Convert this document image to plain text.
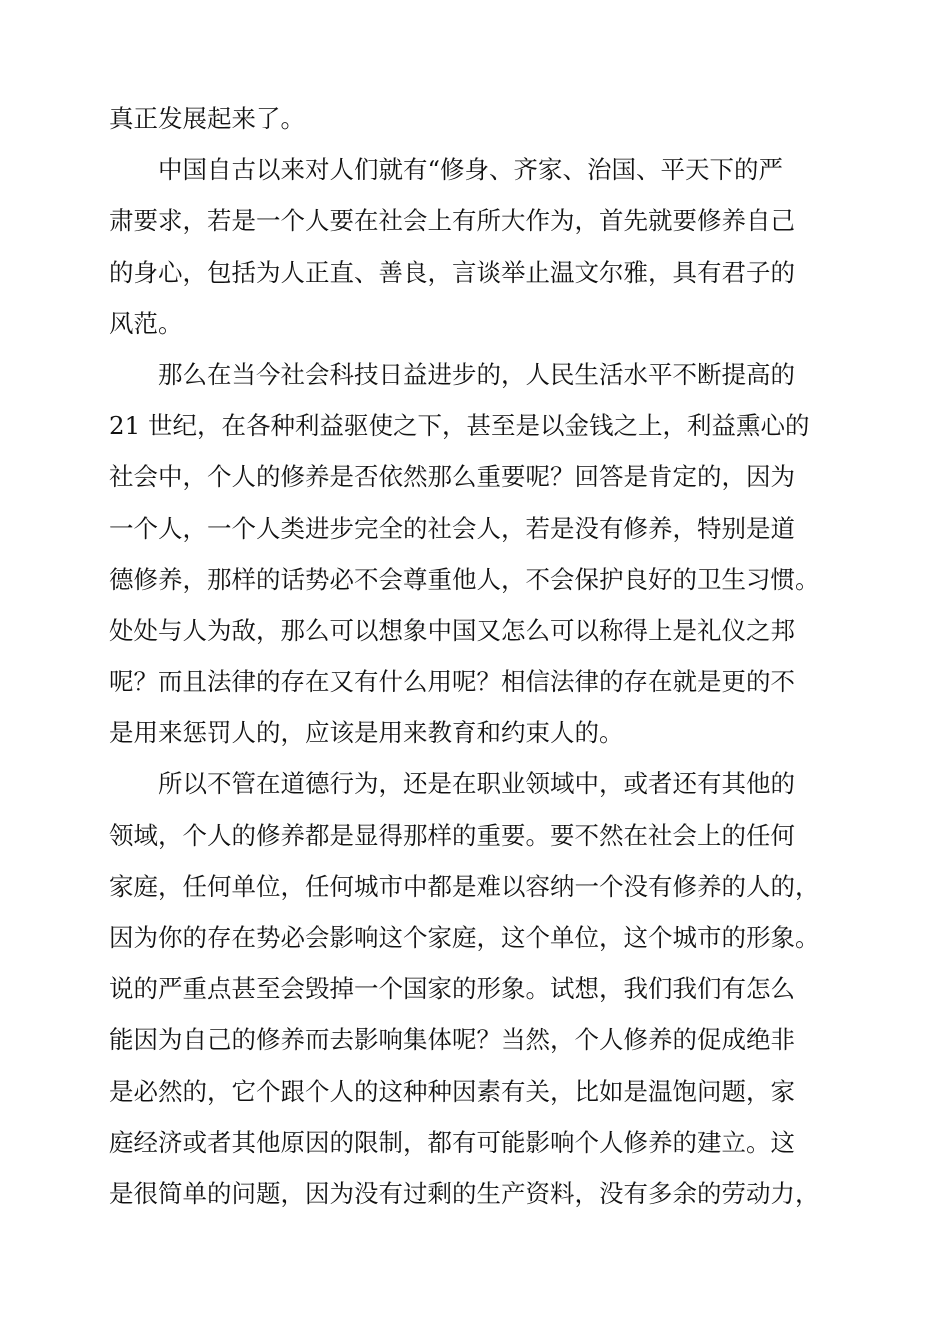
真正发展起来了。
　　中国自古以来对人们就有“修身、齐家、治国、平天下的严
肃要求，若是一个人要在社会上有所大作为，首先就要修养自己
的身心，包括为人正直、善良，言谈举止温文尔雅，具有君子的
风范。
　　那么在当今社会科技日益进步的，人民生活水平不断提高的
21 世纪，在各种利益驱使之下，甚至是以金钱之上，利益熏心的
社会中，个人的修养是否依然那么重要呢？回答是肯定的，因为
一个人，一个人类进步完全的社会人，若是没有修养，特别是道
德修养，那样的话势必不会尊重他人，不会保护良好的卫生习惯。
处处与人为敌，那么可以想象中国又怎么可以称得上是礼仪之邦
呢？而且法律的存在又有什么用呢？相信法律的存在就是更的不
是用来惩罚人的，应该是用来教育和约束人的。
　　所以不管在道德行为，还是在职业领域中，或者还有其他的
领域，个人的修养都是显得那样的重要。要不然在社会上的任何
家庭，任何单位，任何城市中都是难以容纳一个没有修养的人的，
因为你的存在势必会影响这个家庭，这个单位，这个城市的形象。
说的严重点甚至会毁掉一个国家的形象。试想，我们我们有怎么
能因为自己的修养而去影响集体呢？当然，个人修养的促成绝非
是必然的，它个跟个人的这种种因素有关，比如是温饱问题，家
庭经济或者其他原因的限制，都有可能影响个人修养的建立。这
是很简单的问题，因为没有过剩的生产资料，没有多余的劳动力，
